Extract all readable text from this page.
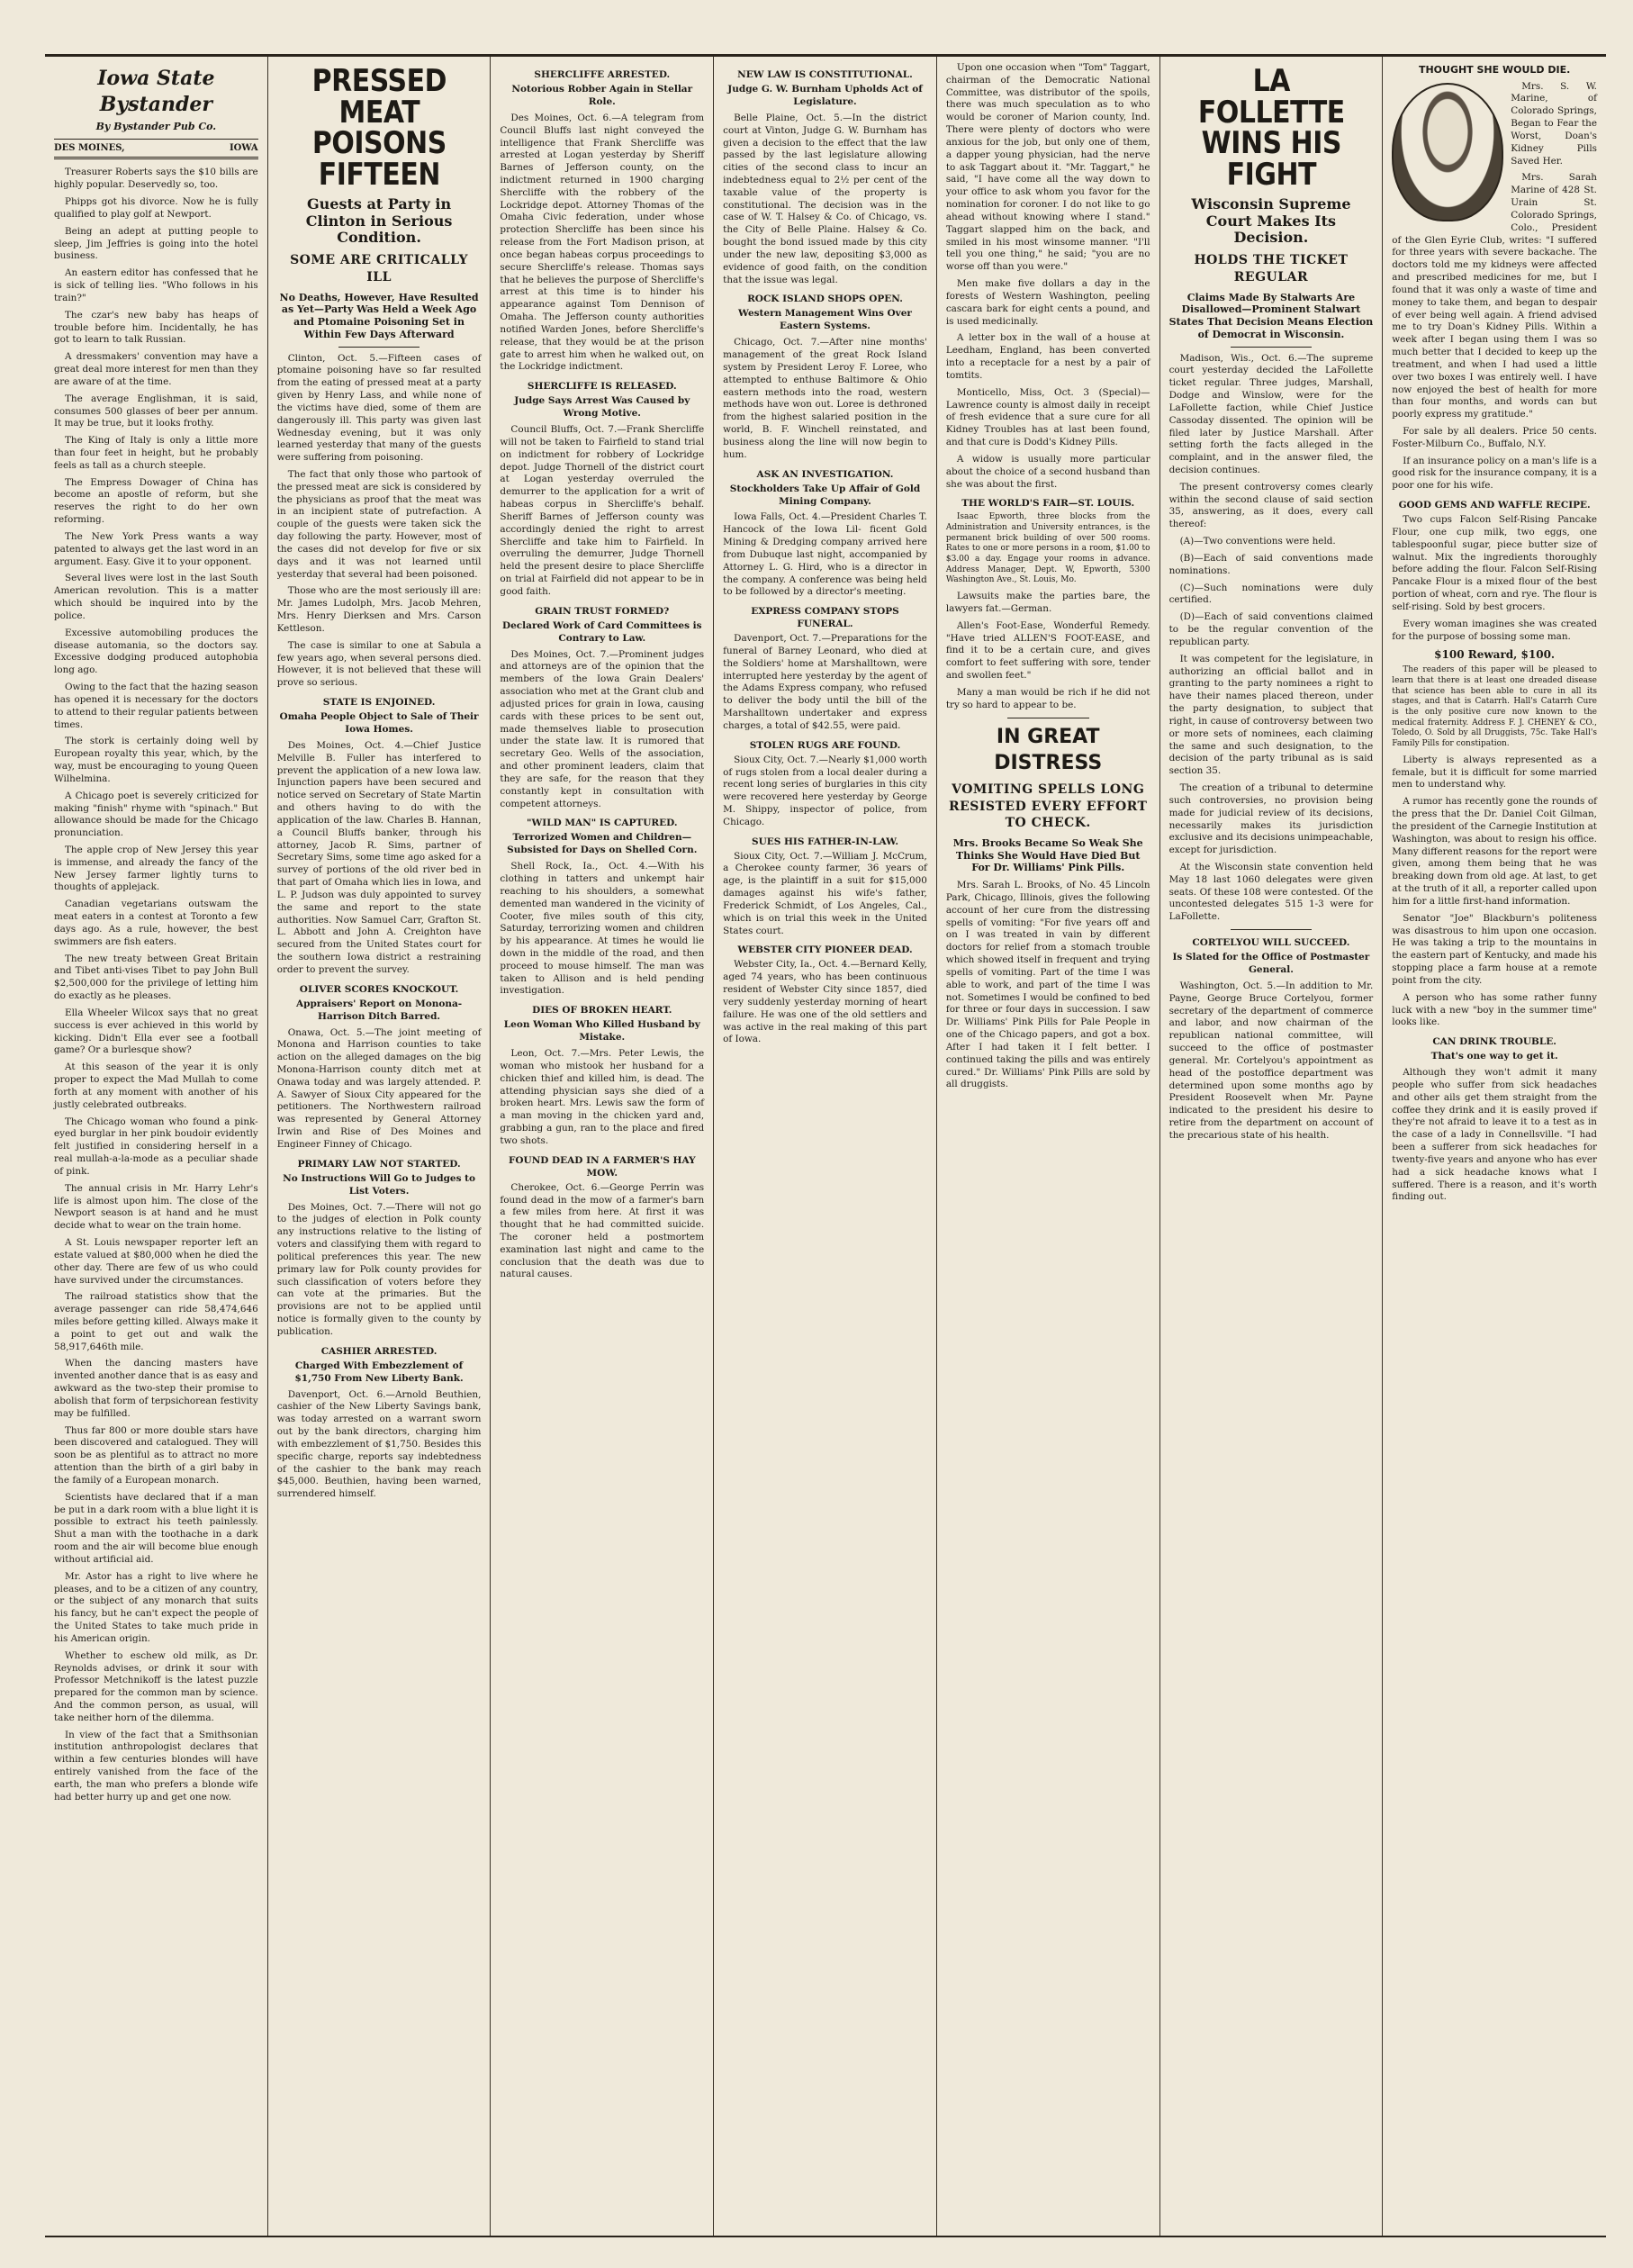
Iowa State Bystander
By Bystander Pub Co.
DES MOINES,	IOWA

Treasurer Roberts says the $10 bills are highly popular. Deservedly so, too.

Phipps got his divorce. Now he is fully qualified to play golf at Newport.

Being an adept at putting people to sleep, Jim Jeffries is going into the hotel business.

An eastern editor has confessed that he is sick of telling lies. "Who follows in his train?"

The czar's new baby has heaps of trouble before him. Incidentally, he has got to learn to talk Russian.

A dressmakers' convention may have a great deal more interest for men than they are aware of at the time.

The average Englishman, it is said, consumes 500 glasses of beer per annum. It may be true, but it looks frothy.

The King of Italy is only a little more than four feet in height, but he probably feels as tall as a church steeple.

The Empress Dowager of China has become an apostle of reform, but she reserves the right to do her own reforming.

The New York Press wants a way patented to always get the last word in an argument. Easy. Give it to your opponent.

Several lives were lost in the last South American revolution. This is a matter which should be inquired into by the police.

Excessive automobiling produces the disease automania, so the doctors say. Excessive dodging produced autophobia long ago.

Owing to the fact that the hazing season has opened it is necessary for the doctors to attend to their regular patients between times.

The stork is certainly doing well by European royalty this year, which, by the way, must be encouraging to young Queen Wilhelmina.

A Chicago poet is severely criticized for making "finish" rhyme with "spinach." But allowance should be made for the Chicago pronunciation.

The apple crop of New Jersey this year is immense, and already the fancy of the New Jersey farmer lightly turns to thoughts of applejack.

Canadian vegetarians outswam the meat eaters in a contest at Toronto a few days ago. As a rule, however, the best swimmers are fish eaters.

The new treaty between Great Britain and Tibet anti-vises Tibet to pay John Bull $2,500,000 for the privilege of letting him do exactly as he pleases.

Ella Wheeler Wilcox says that no great success is ever achieved in this world by kicking. Didn't Ella ever see a football game? Or a burlesque show?

At this season of the year it is only proper to expect the Mad Mullah to come forth at any moment with another of his justly celebrated outbreaks.

The Chicago woman who found a pink-eyed burglar in her pink boudoir evidently felt justified in considering herself in a real mullah-a-la-mode as a peculiar shade of pink.

The annual crisis in Mr. Harry Lehr's life is almost upon him. The close of the Newport season is at hand and he must decide what to wear on the train home.

A St. Louis newspaper reporter left an estate valued at $80,000 when he died the other day. There are few of us who could have survived under the circumstances.

The railroad statistics show that the average passenger can ride 58,474,646 miles before getting killed. Always make it a point to get out and walk the 58,917,646th mile.

When the dancing masters have invented another dance that is as easy and awkward as the two-step their promise to abolish that form of terpsichorean festivity may be fulfilled.

Thus far 800 or more double stars have been discovered and catalogued. They will soon be as plentiful as to attract no more attention than the birth of a girl baby in the family of a European monarch.

Scientists have declared that if a man be put in a dark room with a blue light it is possible to extract his teeth painlessly. Shut a man with the toothache in a dark room and the air will become blue enough without artificial aid.

Mr. Astor has a right to live where he pleases, and to be a citizen of any country, or the subject of any monarch that suits his fancy, but he can't expect the people of the United States to take much pride in his American origin.

Whether to eschew old milk, as Dr. Reynolds advises, or drink it sour with Professor Metchnikoff is the latest puzzle prepared for the common man by science. And the common person, as usual, will take neither horn of the dilemma.

In view of the fact that a Smithsonian institution anthropologist declares that within a few centuries blondes will have entirely vanished from the face of the earth, the man who prefers a blonde wife had better hurry up and get one now.

PRESSED MEAT POISONS FIFTEEN
Guests at Party in Clinton in Serious Condition.
SOME ARE CRITICALLY ILL
No Deaths, However, Have Resulted as Yet—Party Was Held a Week Ago and Ptomaine Poisoning Set in Within Few Days Afterward

Clinton, Oct. 5.—Fifteen cases of ptomaine poisoning have so far resulted from the eating of pressed meat at a party given by Henry Lass, and while none of the victims have died, some of them are dangerously ill. This party was given last Wednesday evening, but it was only learned yesterday that many of the guests were suffering from poisoning.

The fact that only those who partook of the pressed meat are sick is considered by the physicians as proof that the meat was in an incipient state of putrefaction. A couple of the guests were taken sick the day following the party. However, most of the cases did not develop for five or six days and it was not learned until yesterday that several had been poisoned.

Those who are the most seriously ill are: Mr. James Ludolph, Mrs. Jacob Mehren, Mrs. Henry Dierksen and Mrs. Carson Kettleson.

The case is similar to one at Sabula a few years ago, when several persons died. However, it is not believed that these will prove so serious.

STATE IS ENJOINED.
Omaha People Object to Sale of Their Iowa Homes.

Des Moines, Oct. 4.—Chief Justice Melville B. Fuller has interfered to prevent the application of a new Iowa law. Injunction papers have been secured and notice served on Secretary of State Martin and others having to do with the application of the law. Charles B. Hannan, a Council Bluffs banker, through his attorney, Jacob R. Sims, partner of Secretary Sims, some time ago asked for a survey of portions of the old river bed in that part of Omaha which lies in Iowa, and L. P. Judson was duly appointed to survey the same and report to the state authorities. Now Samuel Carr, Grafton St. L. Abbott and John A. Creighton have secured from the United States court for the southern Iowa district a restraining order to prevent the survey.

OLIVER SCORES KNOCKOUT.
Appraisers' Report on Monona-Harrison Ditch Barred.

Onawa, Oct. 5.—The joint meeting of Monona and Harrison counties to take action on the alleged damages on the big Monona-Harrison county ditch met at Onawa today and was largely attended. P. A. Sawyer of Sioux City appeared for the petitioners. The Northwestern railroad was represented by General Attorney Irwin and Rise of Des Moines and Engineer Finney of Chicago.

PRIMARY LAW NOT STARTED.
No Instructions Will Go to Judges to List Voters.

Des Moines, Oct. 7.—There will not go to the judges of election in Polk county any instructions relative to the listing of voters and classifying them with regard to political preferences this year. The new primary law for Polk county provides for such classification of voters before they can vote at the primaries. But the provisions are not to be applied until notice is formally given to the county by publication.

CASHIER ARRESTED.
Charged With Embezzlement of $1,750 From New Liberty Bank.

Davenport, Oct. 6.—Arnold Beuthien, cashier of the New Liberty Savings bank, was today arrested on a warrant sworn out by the bank directors, charging him with embezzlement of $1,750. Besides this specific charge, reports say indebtedness of the cashier to the bank may reach $45,000. Beuthien, having been warned, surrendered himself.

SHERCLIFFE ARRESTED.
Notorious Robber Again in Stellar Role.

Des Moines, Oct. 6.—A telegram from Council Bluffs last night conveyed the intelligence that Frank Shercliffe was arrested at Logan yesterday by Sheriff Barnes of Jefferson county, on the indictment returned in 1900 charging Shercliffe with the robbery of the Lockridge depot. Attorney Thomas of the Omaha Civic federation, under whose protection Shercliffe has been since his release from the Fort Madison prison, at once began habeas corpus proceedings to secure Shercliffe's release. Thomas says that he believes the purpose of Shercliffe's arrest at this time is to hinder his appearance against Tom Dennison of Omaha. The Jefferson county authorities notified Warden Jones, before Shercliffe's release, that they would be at the prison gate to arrest him when he walked out, on the Lockridge indictment.

SHERCLIFFE IS RELEASED.
Judge Says Arrest Was Caused by Wrong Motive.

Council Bluffs, Oct. 7.—Frank Shercliffe will not be taken to Fairfield to stand trial on indictment for robbery of Lockridge depot. Judge Thornell of the district court at Logan yesterday overruled the demurrer to the application for a writ of habeas corpus in Shercliffe's behalf. Sheriff Barnes of Jefferson county was accordingly denied the right to arrest Shercliffe and take him to Fairfield. In overruling the demurrer, Judge Thornell held the present desire to place Shercliffe on trial at Fairfield did not appear to be in good faith.

GRAIN TRUST FORMED?
Declared Work of Card Committees is Contrary to Law.

Des Moines, Oct. 7.—Prominent judges and attorneys are of the opinion that the members of the Iowa Grain Dealers' association who met at the Grant club and adjusted prices for grain in Iowa, causing cards with these prices to be sent out, made themselves liable to prosecution under the state law. It is rumored that secretary Geo. Wells of the association, and other prominent leaders, claim that they are safe, for the reason that they constantly kept in consultation with competent attorneys.

"WILD MAN" IS CAPTURED.
Terrorized Women and Children—Subsisted for Days on Shelled Corn.

Shell Rock, Ia., Oct. 4.—With his clothing in tatters and unkempt hair reaching to his shoulders, a somewhat demented man wandered in the vicinity of Cooter, five miles south of this city, Saturday, terrorizing women and children by his appearance. At times he would lie down in the middle of the road, and then proceed to mouse himself. The man was taken to Allison and is held pending investigation.

DIES OF BROKEN HEART.
Leon Woman Who Killed Husband by Mistake.

Leon, Oct. 7.—Mrs. Peter Lewis, the woman who mistook her husband for a chicken thief and killed him, is dead. The attending physician says she died of a broken heart. Mrs. Lewis saw the form of a man moving in the chicken yard and, grabbing a gun, ran to the place and fired two shots.

FOUND DEAD IN A FARMER'S HAY MOW.

Cherokee, Oct. 6.—George Perrin was found dead in the mow of a farmer's barn a few miles from here. At first it was thought that he had committed suicide. The coroner held a postmortem examination last night and came to the conclusion that the death was due to natural causes.

NEW LAW IS CONSTITUTIONAL.
Judge G. W. Burnham Upholds Act of Legislature.

Belle Plaine, Oct. 5.—In the district court at Vinton, Judge G. W. Burnham has given a decision to the effect that the law passed by the last legislature allowing cities of the second class to incur an indebtedness equal to 2½ per cent of the taxable value of the property is constitutional. The decision was in the case of W. T. Halsey & Co. of Chicago, vs. the City of Belle Plaine. Halsey & Co. bought the bond issued made by this city under the new law, depositing $3,000 as evidence of good faith, on the condition that the issue was legal.

ROCK ISLAND SHOPS OPEN.
Western Management Wins Over Eastern Systems.

Chicago, Oct. 7.—After nine months' management of the great Rock Island system by President Leroy F. Loree, who attempted to enthuse Baltimore & Ohio eastern methods into the road, western methods have won out. Loree is dethroned from the highest salaried position in the world, B. F. Winchell reinstated, and business along the line will now begin to hum.

ASK AN INVESTIGATION.
Stockholders Take Up Affair of Gold Mining Company.

Iowa Falls, Oct. 4.—President Charles T. Hancock of the Iowa Lil- ficent Gold Mining & Dredging company arrived here from Dubuque last night, accompanied by Attorney L. G. Hird, who is a director in the company. A conference was being held to be followed by a director's meeting.

EXPRESS COMPANY STOPS FUNERAL.

Davenport, Oct. 7.—Preparations for the funeral of Barney Leonard, who died at the Soldiers' home at Marshalltown, were interrupted here yesterday by the agent of the Adams Express company, who refused to deliver the body until the bill of the Marshalltown undertaker and express charges, a total of $42.55, were paid.

STOLEN RUGS ARE FOUND.

Sioux City, Oct. 7.—Nearly $1,000 worth of rugs stolen from a local dealer during a recent long series of burglaries in this city were recovered here yesterday by George M. Shippy, inspector of police, from Chicago.

SUES HIS FATHER-IN-LAW.

Sioux City, Oct. 7.—William J. McCrum, a Cherokee county farmer, 36 years of age, is the plaintiff in a suit for $15,000 damages against his wife's father, Frederick Schmidt, of Los Angeles, Cal., which is on trial this week in the United States court.

WEBSTER CITY PIONEER DEAD.

Webster City, Ia., Oct. 4.—Bernard Kelly, aged 74 years, who has been continuous resident of Webster City since 1857, died very suddenly yesterday morning of heart failure. He was one of the old settlers and was active in the real making of this part of Iowa.

Upon one occasion when "Tom" Taggart, chairman of the Democratic National Committee, was distributor of the spoils, there was much speculation as to who would be coroner of Marion county, Ind. There were plenty of doctors who were anxious for the job, but only one of them, a dapper young physician, had the nerve to ask Taggart about it. "Mr. Taggart," he said, "I have come all the way down to your office to ask whom you favor for the nomination for coroner. I do not like to go ahead without knowing where I stand." Taggart slapped him on the back, and smiled in his most winsome manner. "I'll tell you one thing," he said; "you are no worse off than you were."

Men make five dollars a day in the forests of Western Washington, peeling cascara bark for eight cents a pound, and is used medicinally.

A letter box in the wall of a house at Leedham, England, has been converted into a receptacle for a nest by a pair of tomtits.

Monticello, Miss, Oct. 3 (Special)—Lawrence county is almost daily in receipt of fresh evidence that a sure cure for all Kidney Troubles has at last been found, and that cure is Dodd's Kidney Pills.

A widow is usually more particular about the choice of a second husband than she was about the first.

THE WORLD'S FAIR—ST. LOUIS.

Isaac Epworth, three blocks from the Administration and University entrances, is the permanent brick building of over 500 rooms. Rates to one or more persons in a room, $1.00 to $3.00 a day. Engage your rooms in advance. Address Manager, Dept. W, Epworth, 5300 Washington Ave., St. Louis, Mo.

Lawsuits make the parties bare, the lawyers fat.—German.

Allen's Foot-Ease, Wonderful Remedy. "Have tried ALLEN'S FOOT-EASE, and find it to be a certain cure, and gives comfort to feet suffering with sore, tender and swollen feet."

Many a man would be rich if he did not try so hard to appear to be.

IN GREAT DISTRESS
VOMITING SPELLS LONG RESISTED EVERY EFFORT TO CHECK.
Mrs. Brooks Became So Weak She Thinks She Would Have Died But For Dr. Williams' Pink Pills.

Mrs. Sarah L. Brooks, of No. 45 Lincoln Park, Chicago, Illinois, gives the following account of her cure from the distressing spells of vomiting: "For five years off and on I was treated in vain by different doctors for relief from a stomach trouble which showed itself in frequent and trying spells of vomiting. Part of the time I was able to work, and part of the time I was not. Sometimes I would be confined to bed for three or four days in succession. I saw Dr. Williams' Pink Pills for Pale People in one of the Chicago papers, and got a box. After I had taken it I felt better. I continued taking the pills and was entirely cured." Dr. Williams' Pink Pills are sold by all druggists.

LA FOLLETTE WINS HIS FIGHT
Wisconsin Supreme Court Makes Its Decision.
HOLDS THE TICKET REGULAR
Claims Made By Stalwarts Are Disallowed—Prominent Stalwart States That Decision Means Election of Democrat in Wisconsin.

Madison, Wis., Oct. 6.—The supreme court yesterday decided the LaFollette ticket regular. Three judges, Marshall, Dodge and Winslow, were for the LaFollette faction, while Chief Justice Cassoday dissented. The opinion will be filed later by Justice Marshall. After setting forth the facts alleged in the complaint, and in the answer filed, the decision continues.

The present controversy comes clearly within the second clause of said section 35, answering, as it does, every call thereof:

(A)—Two conventions were held.

(B)—Each of said conventions made nominations.

(C)—Such nominations were duly certified.

(D)—Each of said conventions claimed to be the regular convention of the republican party.

It was competent for the legislature, in authorizing an official ballot and in granting to the party nominees a right to have their names placed thereon, under the party designation, to subject that right, in cause of controversy between two or more sets of nominees, each claiming the same and such designation, to the decision of the party tribunal as is said section 35.

The creation of a tribunal to determine such controversies, no provision being made for judicial review of its decisions, necessarily makes its jurisdiction exclusive and its decisions unimpeachable, except for jurisdiction.

At the Wisconsin state convention held May 18 last 1060 delegates were given seats. Of these 108 were contested. Of the uncontested delegates 515 1-3 were for LaFollette.

CORTELYOU WILL SUCCEED.
Is Slated for the Office of Postmaster General.

Washington, Oct. 5.—In addition to Mr. Payne, George Bruce Cortelyou, former secretary of the department of commerce and labor, and now chairman of the republican national committee, will succeed to the office of postmaster general. Mr. Cortelyou's appointment as head of the postoffice department was determined upon some months ago by President Roosevelt when Mr. Payne indicated to the president his desire to retire from the department on account of the precarious state of his health.

THOUGHT SHE WOULD DIE.

Mrs. S. W. Marine, of Colorado Springs, Began to Fear the Worst, Doan's Kidney Pills Saved Her.

Mrs. Sarah Marine of 428 St. Urain St. Colorado Springs, Colo., President of the Glen Eyrie Club, writes: "I suffered for three years with severe backache. The doctors told me my kidneys were affected and prescribed medicines for me, but I found that it was only a waste of time and money to take them, and began to despair of ever being well again. A friend advised me to try Doan's Kidney Pills. Within a week after I began using them I was so much better that I decided to keep up the treatment, and when I had used a little over two boxes I was entirely well. I have now enjoyed the best of health for more than four months, and words can but poorly express my gratitude."

For sale by all dealers. Price 50 cents. Foster-Milburn Co., Buffalo, N.Y.

If an insurance policy on a man's life is a good risk for the insurance company, it is a poor one for his wife.

GOOD GEMS AND WAFFLE RECIPE.

Two cups Falcon Self-Rising Pancake Flour, one cup milk, two eggs, one tablespoonful sugar, piece butter size of walnut. Mix the ingredients thoroughly before adding the flour. Falcon Self-Rising Pancake Flour is a mixed flour of the best portion of wheat, corn and rye. The flour is self-rising. Sold by best grocers.

Every woman imagines she was created for the purpose of bossing some man.

$100 Reward, $100.

The readers of this paper will be pleased to learn that there is at least one dreaded disease that science has been able to cure in all its stages, and that is Catarrh. Hall's Catarrh Cure is the only positive cure now known to the medical fraternity. Address F. J. CHENEY & CO., Toledo, O. Sold by all Druggists, 75c. Take Hall's Family Pills for constipation.

Liberty is always represented as a female, but it is difficult for some married men to understand why.

A rumor has recently gone the rounds of the press that the Dr. Daniel Coit Gilman, the president of the Carnegie Institution at Washington, was about to resign his office. Many different reasons for the report were given, among them being that he was breaking down from old age. At last, to get at the truth of it all, a reporter called upon him for a little first-hand information.

Senator "Joe" Blackburn's politeness was disastrous to him upon one occasion. He was taking a trip to the mountains in the eastern part of Kentucky, and made his stopping place a farm house at a remote point from the city.

A person who has some rather funny luck with a new "boy in the summer time" looks like.

CAN DRINK TROUBLE.
That's one way to get it.

Although they won't admit it many people who suffer from sick headaches and other ails get them straight from the coffee they drink and it is easily proved if they're not afraid to leave it to a test as in the case of a lady in Connellsville. "I had been a sufferer from sick headaches for twenty-five years and anyone who has ever had a sick headache knows what I suffered. There is a reason, and it's worth finding out.
